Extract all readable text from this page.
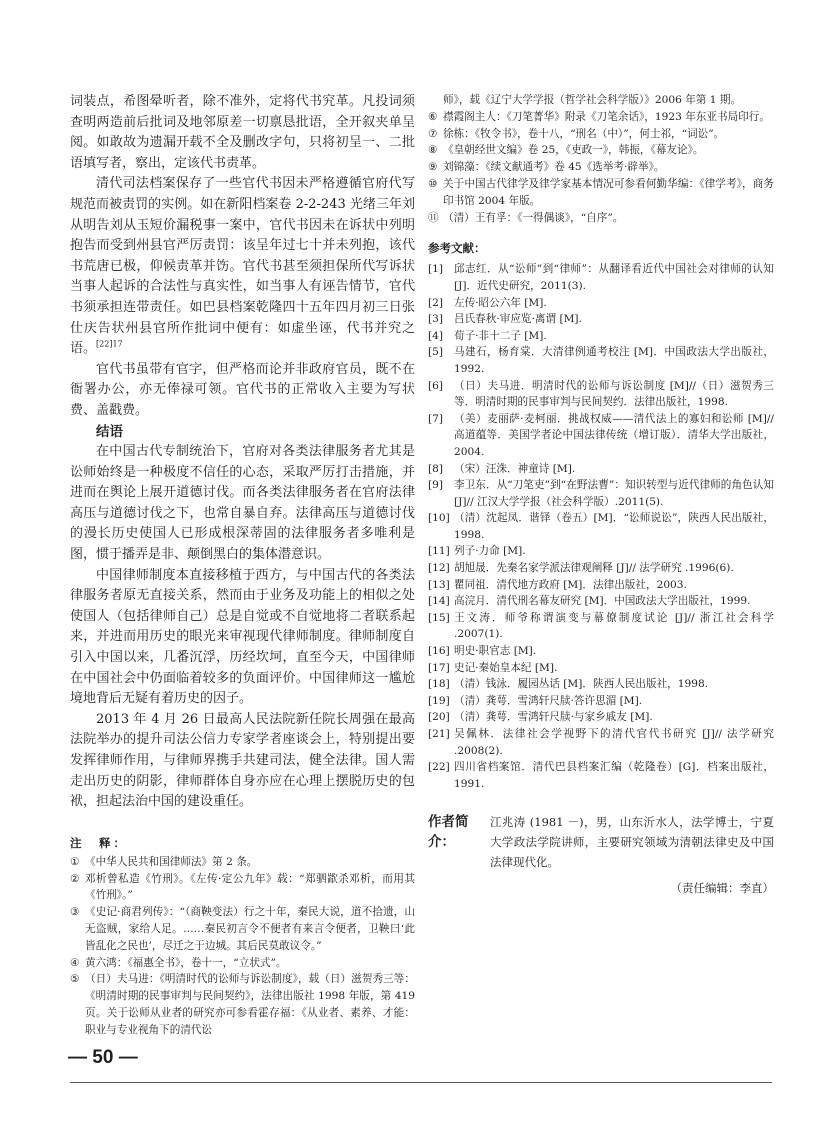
词装点，希图晕听者，除不准外，定将代书究革。凡投词须查明两造前后批词及地邻原差一切禀恳批语，全开叙夹单呈阅。如敢故为遗漏开载不全及删改字句，只将初呈一、二批语填写者，察出，定该代书责革。

清代司法档案保存了一些官代书因未严格遵循官府代写规范而被责罚的实例。如在新阳档案卷 2-2-243 光绪三年刘从明告刘从玉短价漏税事一案中，官代书因未在诉状中列明抱告而受到州县官严厉责罚：该呈年过七十并未列抱，该代书荒唐已极，仰候责革并饬。官代书甚至须担保所代写诉状当事人起诉的合法性与真实性，如当事人有诬告情节，官代书须承担连带责任。如巴县档案乾隆四十五年四月初三日张仕庆告状州县官所作批词中便有：如虚坐诬，代书并究之语。$^{[22]17}$

官代书虽带有官字，但严格而论并非政府官员，既不在衙署办公，亦无俸禄可领。官代书的正常收入主要为写状费、盖戳费。

结语

在中国古代专制统治下，官府对各类法律服务者尤其是讼师始终是一种极度不信任的心态，采取严厉打击措施，并进而在舆论上展开道德讨伐。而各类法律服务者在官府法律高压与道德讨伐之下，也常自暴自弃。法律高压与道德讨伐的漫长历史使国人已形成根深蒂固的法律服务者多唯利是图，惯于播弄是非、颠倒黑白的集体潜意识。

中国律师制度本直接移植于西方，与中国古代的各类法律服务者原无直接关系，然而由于业务及功能上的相似之处使国人（包括律师自己）总是自觉或不自觉地将二者联系起来，并进而用历史的眼光来审视现代律师制度。律师制度自引入中国以来，几番沉浮，历经坎坷，直至今天，中国律师在中国社会中仍面临着较多的负面评价。中国律师这一尴尬境地背后无疑有着历史的因子。

2013 年 4 月 26 日最高人民法院新任院长周强在最高法院举办的提升司法公信力专家学者座谈会上，特别提出要发挥律师作用，与律师界携手共建司法，健全法律。国人需走出历史的阴影，律师群体自身亦应在心理上摆脱历史的包袱，担起法治中国的建设重任。

注　释：

① 《中华人民共和国律师法》第 2 条。

② 邓析曾私造《竹刑》。《左传·定公九年》载：“郑驷歂杀邓析，而用其《竹刑》。”

③ 《史记·商君列传》：“（商鞅变法）行之十年，秦民大说，道不拾遗，山无盗贼，家给人足。……秦民初言令不便者有来言令便者，卫鞅曰‘此皆乱化之民也’，尽迁之于边城。其后民莫敢议令。”

④ 黄六鸿：《福惠全书》，卷十一，“立状式”。

⑤ （日）夫马进：《明清时代的讼师与诉讼制度》，载（日）滋贺秀三等：《明清时期的民事审判与民间契约》，法律出版社 1998 年版，第 419 页。关于讼师从业者的研究亦可参看霍存福：《从业者、素养、才能：职业与专业视角下的清代讼

师》，载《辽宁大学学报（哲学社会科学版）》2006 年第 1 期。

⑥ 襟霞阁主人：《刀笔菁华》附录《刀笔余话》，1923 年东亚书局印行。

⑦ 徐栋：《牧令书》，卷十八，“刑名（中）”，何士祁，“词讼”。

⑧ 《皇朝经世文编》卷 25，《吏政一》，韩振，《幕友论》。

⑨ 刘锦藻：《续文献通考》卷 45《选举考·辟举》。

⑩ 关于中国古代律学及律学家基本情况可参看何勤华编：《律学考》，商务印书馆 2004 年版。

⑪ （清）王有孚：《一得偶谈》，“自序”。

参考文献：

[1]	邱志红．从“讼师”到“律师”：从翻译看近代中国社会对律师的认知 [J]．近代史研究，2011(3).

[2]	左传·昭公六年 [M].

[3]	吕氏春秋·审应览·离谓 [M].

[4]	荀子·非十二子 [M].

[5]	马建石，杨育棠．大清律例通考校注 [M]．中国政法大学出版社，1992.

[6]	（日）夫马进．明清时代的讼师与诉讼制度 [M]//（日）滋贺秀三等．明清时期的民事审判与民间契约．法律出版社，1998.

[7]	（美）麦丽萨·麦柯丽．挑战权威——清代法上的寡妇和讼师 [M]// 高道蕴等．美国学者论中国法律传统（增订版）．清华大学出版社，2004.

[8]	（宋）汪洙．神童诗 [M].

[9]	李卫东．从“刀笔吏”到“在野法曹”：知识转型与近代律师的角色认知 [J]// 江汉大学学报（社会科学版）.2011(5).

[10] （清）沈起凤．谐铎（卷五）[M]．“讼师说讼”，陕西人民出版社，1998.

[11] 列子·力命 [M].

[12] 胡旭晟．先秦名家学派法律观阐释 [J]// 法学研究 .1996(6).

[13] 瞿同祖．清代地方政府 [M]．法律出版社，2003.

[14] 高浣月．清代刑名幕友研究 [M]．中国政法大学出版社，1999.

[15] 王文涛．师爷称谓演变与幕僚制度试论 [J]// 浙江社会科学 .2007(1).

[16] 明史·职官志 [M].

[17] 史记·秦始皇本纪 [M].

[18] （清）钱泳．履园丛话 [M]．陕西人民出版社，1998.

[19] （清）龚萼．雪鸿轩尺牍·答许思湄 [M].

[20] （清）龚萼．雪鸿轩尺牍·与家乡戚友 [M].

[21] 吴佩林．法律社会学视野下的清代官代书研究 [J]// 法学研究 .2008(2).

[22] 四川省档案馆．清代巴县档案汇编（乾隆卷）[G]．档案出版社，1991.

作者简介：
江兆涛 (1981 －)，男，山东沂水人，法学博士，宁夏大学政法学院讲师，主要研究领域为清朝法律史及中国法律现代化。
（责任编辑：李直）
— 50 —
